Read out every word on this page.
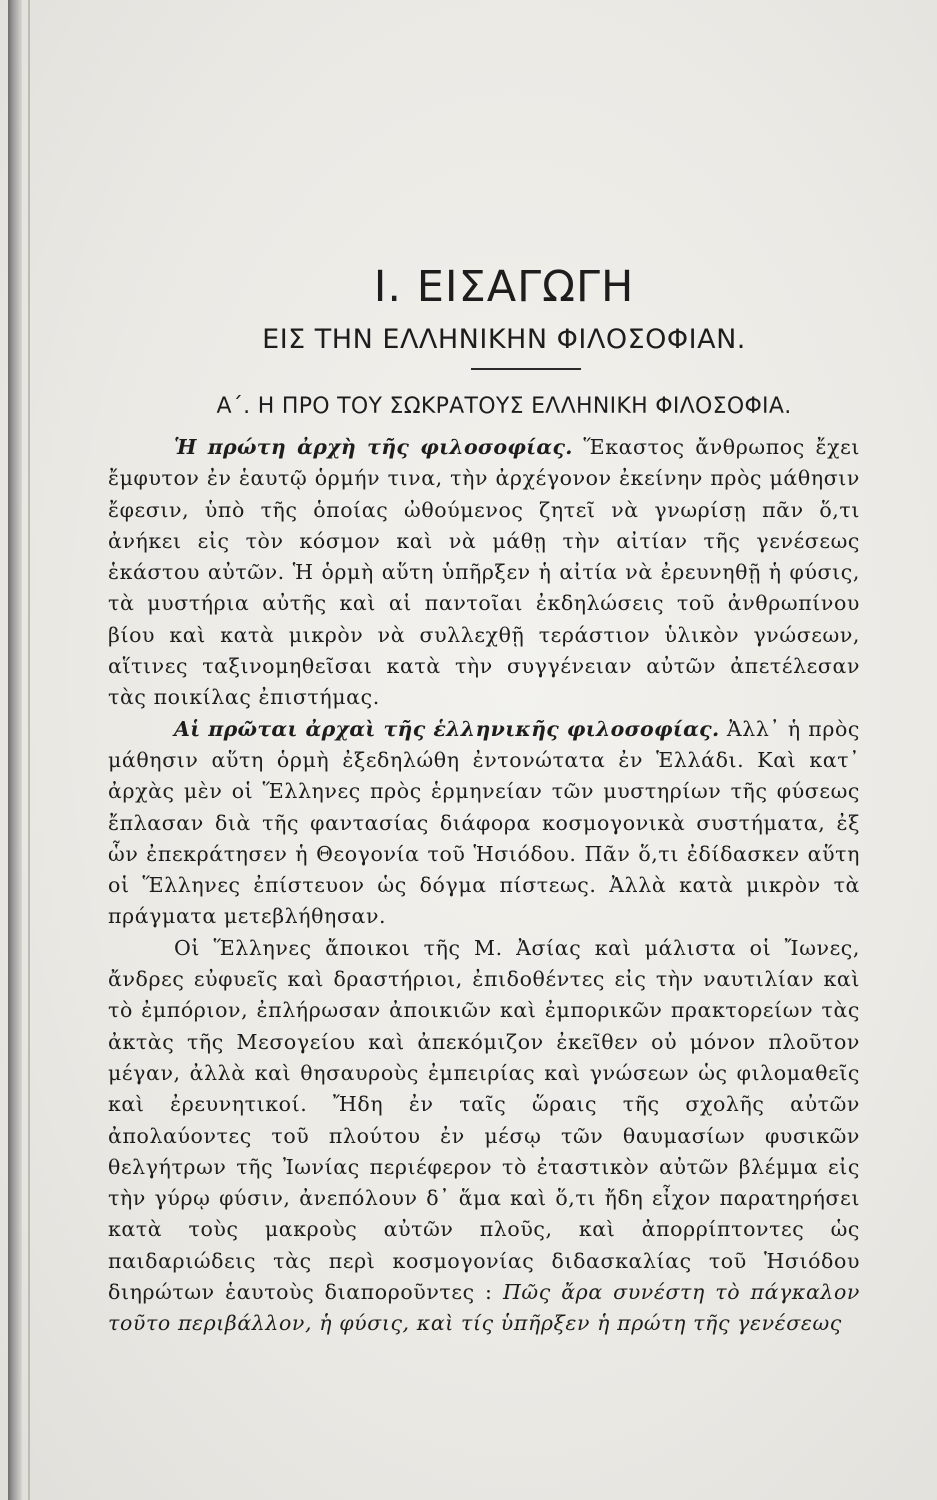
Ι. ΕΙΣΑΓΩΓΗ
ΕΙΣ ΤΗΝ ΕΛΛΗΝΙΚΗΝ ΦΙΛΟΣΟΦΙΑΝ.
Α΄. Η ΠΡΟ ΤΟΥ ΣΩΚΡΑΤΟΥΣ ΕΛΛΗΝΙΚΗ ΦΙΛΟΣΟΦΙΑ.

Ἡ πρώτη ἀρχὴ τῆς φιλοσοφίας. Ἕκαστος ἄνθρωπος ἔχει ἔμφυτον ἐν ἑαυτῷ ὁρμήν τινα, τὴν ἀρχέγονον ἐκείνην πρὸς μάθησιν ἔφεσιν, ὑπὸ τῆς ὁποίας ὠθούμενος ζητεῖ νὰ γνωρίσῃ πᾶν ὅ,τι ἀνήκει εἰς τὸν κόσμον καὶ νὰ μάθῃ τὴν αἰτίαν τῆς γενέσεως ἑκάστου αὐτῶν. Ἡ ὁρμὴ αὕτη ὑπῆρξεν ἡ αἰτία νὰ ἐρευνηθῇ ἡ φύσις, τὰ μυστήρια αὐτῆς καὶ αἱ παντοῖαι ἐκδηλώσεις τοῦ ἀνθρωπίνου βίου καὶ κατὰ μικρὸν νὰ συλλεχθῇ τεράστιον ὑλικὸν γνώσεων, αἵτινες ταξινομηθεῖσαι κατὰ τὴν συγγένειαν αὐτῶν ἀπετέλεσαν τὰς ποικίλας ἐπιστήμας.

Αἱ πρῶται ἀρχαὶ τῆς ἑλληνικῆς φιλοσοφίας. Ἀλλ᾽ ἡ πρὸς μάθησιν αὕτη ὁρμὴ ἐξεδηλώθη ἐντονώτατα ἐν Ἑλλάδι. Καὶ κατ᾽ ἀρχὰς μὲν οἱ Ἕλληνες πρὸς ἑρμηνείαν τῶν μυστηρίων τῆς φύσεως ἔπλασαν διὰ τῆς φαντασίας διάφορα κοσμογονικὰ συστήματα, ἐξ ὧν ἐπεκράτησεν ἡ Θεογονία τοῦ Ἡσιόδου. Πᾶν ὅ,τι ἐδίδασκεν αὕτη οἱ Ἕλληνες ἐπίστευον ὡς δόγμα πίστεως. Ἀλλὰ κατὰ μικρὸν τὰ πράγματα μετεβλήθησαν.

Οἱ Ἕλληνες ἄποικοι τῆς Μ. Ἀσίας καὶ μάλιστα οἱ Ἴωνες, ἄνδρες εὐφυεῖς καὶ δραστήριοι, ἐπιδοθέντες εἰς τὴν ναυτιλίαν καὶ τὸ ἐμπόριον, ἐπλήρωσαν ἀποικιῶν καὶ ἐμπορικῶν πρακτορείων τὰς ἀκτὰς τῆς Μεσογείου καὶ ἀπεκόμιζον ἐκεῖθεν οὐ μόνον πλοῦτον μέγαν, ἀλλὰ καὶ θησαυροὺς ἐμπειρίας καὶ γνώσεων ὡς φιλομαθεῖς καὶ ἐρευνητικοί. Ἤδη ἐν ταῖς ὥραις τῆς σχολῆς αὐτῶν ἀπολαύοντες τοῦ πλούτου ἐν μέσῳ τῶν θαυμασίων φυσικῶν θελγήτρων τῆς Ἰωνίας περιέφερον τὸ ἐταστικὸν αὐτῶν βλέμμα εἰς τὴν γύρῳ φύσιν, ἀνεπόλουν δ᾽ ἅμα καὶ ὅ,τι ἤδη εἶχον παρατηρήσει κατὰ τοὺς μακροὺς αὐτῶν πλοῦς, καὶ ἀπορρίπτοντες ὡς παιδαριώδεις τὰς περὶ κοσμογονίας διδασκαλίας τοῦ Ἡσιόδου διηρώτων ἑαυτοὺς διαπορoῦντες : Πῶς ἄρα συνέστη τὸ πάγκαλον τοῦτο περιβάλλον, ἡ φύσις, καὶ τίς ὑπῆρξεν ἡ πρώτη τῆς γενέσεως
